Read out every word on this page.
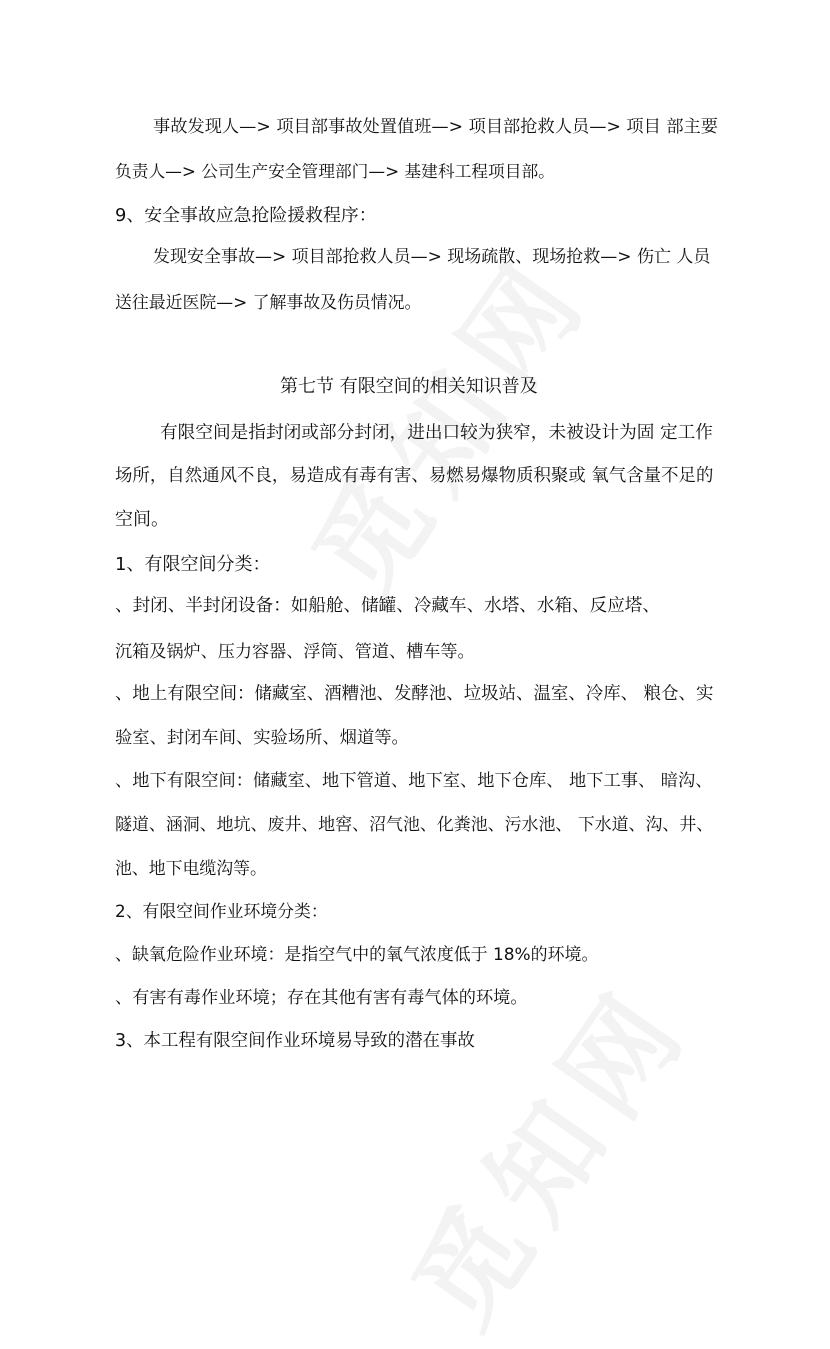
事故发现人—> 项目部事故处置值班—> 项目部抢救人员—> 项目 部主要
负责人—> 公司生产安全管理部门—> 基建科工程项目部。
9、安全事故应急抢险援救程序：
发现安全事故—> 项目部抢救人员—> 现场疏散、现场抢救—> 伤亡 人员
送往最近医院—> 了解事故及伤员情况。
第七节 有限空间的相关知识普及
有限空间是指封闭或部分封闭，进出口较为狭窄，未被设计为固 定工作
场所，自然通风不良，易造成有毒有害、易燃易爆物质积聚或 氧气含量不足的
空间。
1、有限空间分类：
、封闭、半封闭设备：如船舱、储罐、冷藏车、水塔、水箱、反应塔、
沉箱及锅炉、压力容器、浮筒、管道、槽车等。
、地上有限空间：储藏室、酒糟池、发酵池、垃圾站、温室、冷库、 粮仓、实
验室、封闭车间、实验场所、烟道等。
、地下有限空间：储藏室、地下管道、地下室、地下仓库、 地下工事、 暗沟、
隧道、涵洞、地坑、废井、地窖、沼气池、化粪池、污水池、 下水道、沟、井、
池、地下电缆沟等。
2、有限空间作业环境分类：
、缺氧危险作业环境：是指空气中的氧气浓度低于 18%的环境。
、有害有毒作业环境；存在其他有害有毒气体的环境。
3、本工程有限空间作业环境易导致的潜在事故
